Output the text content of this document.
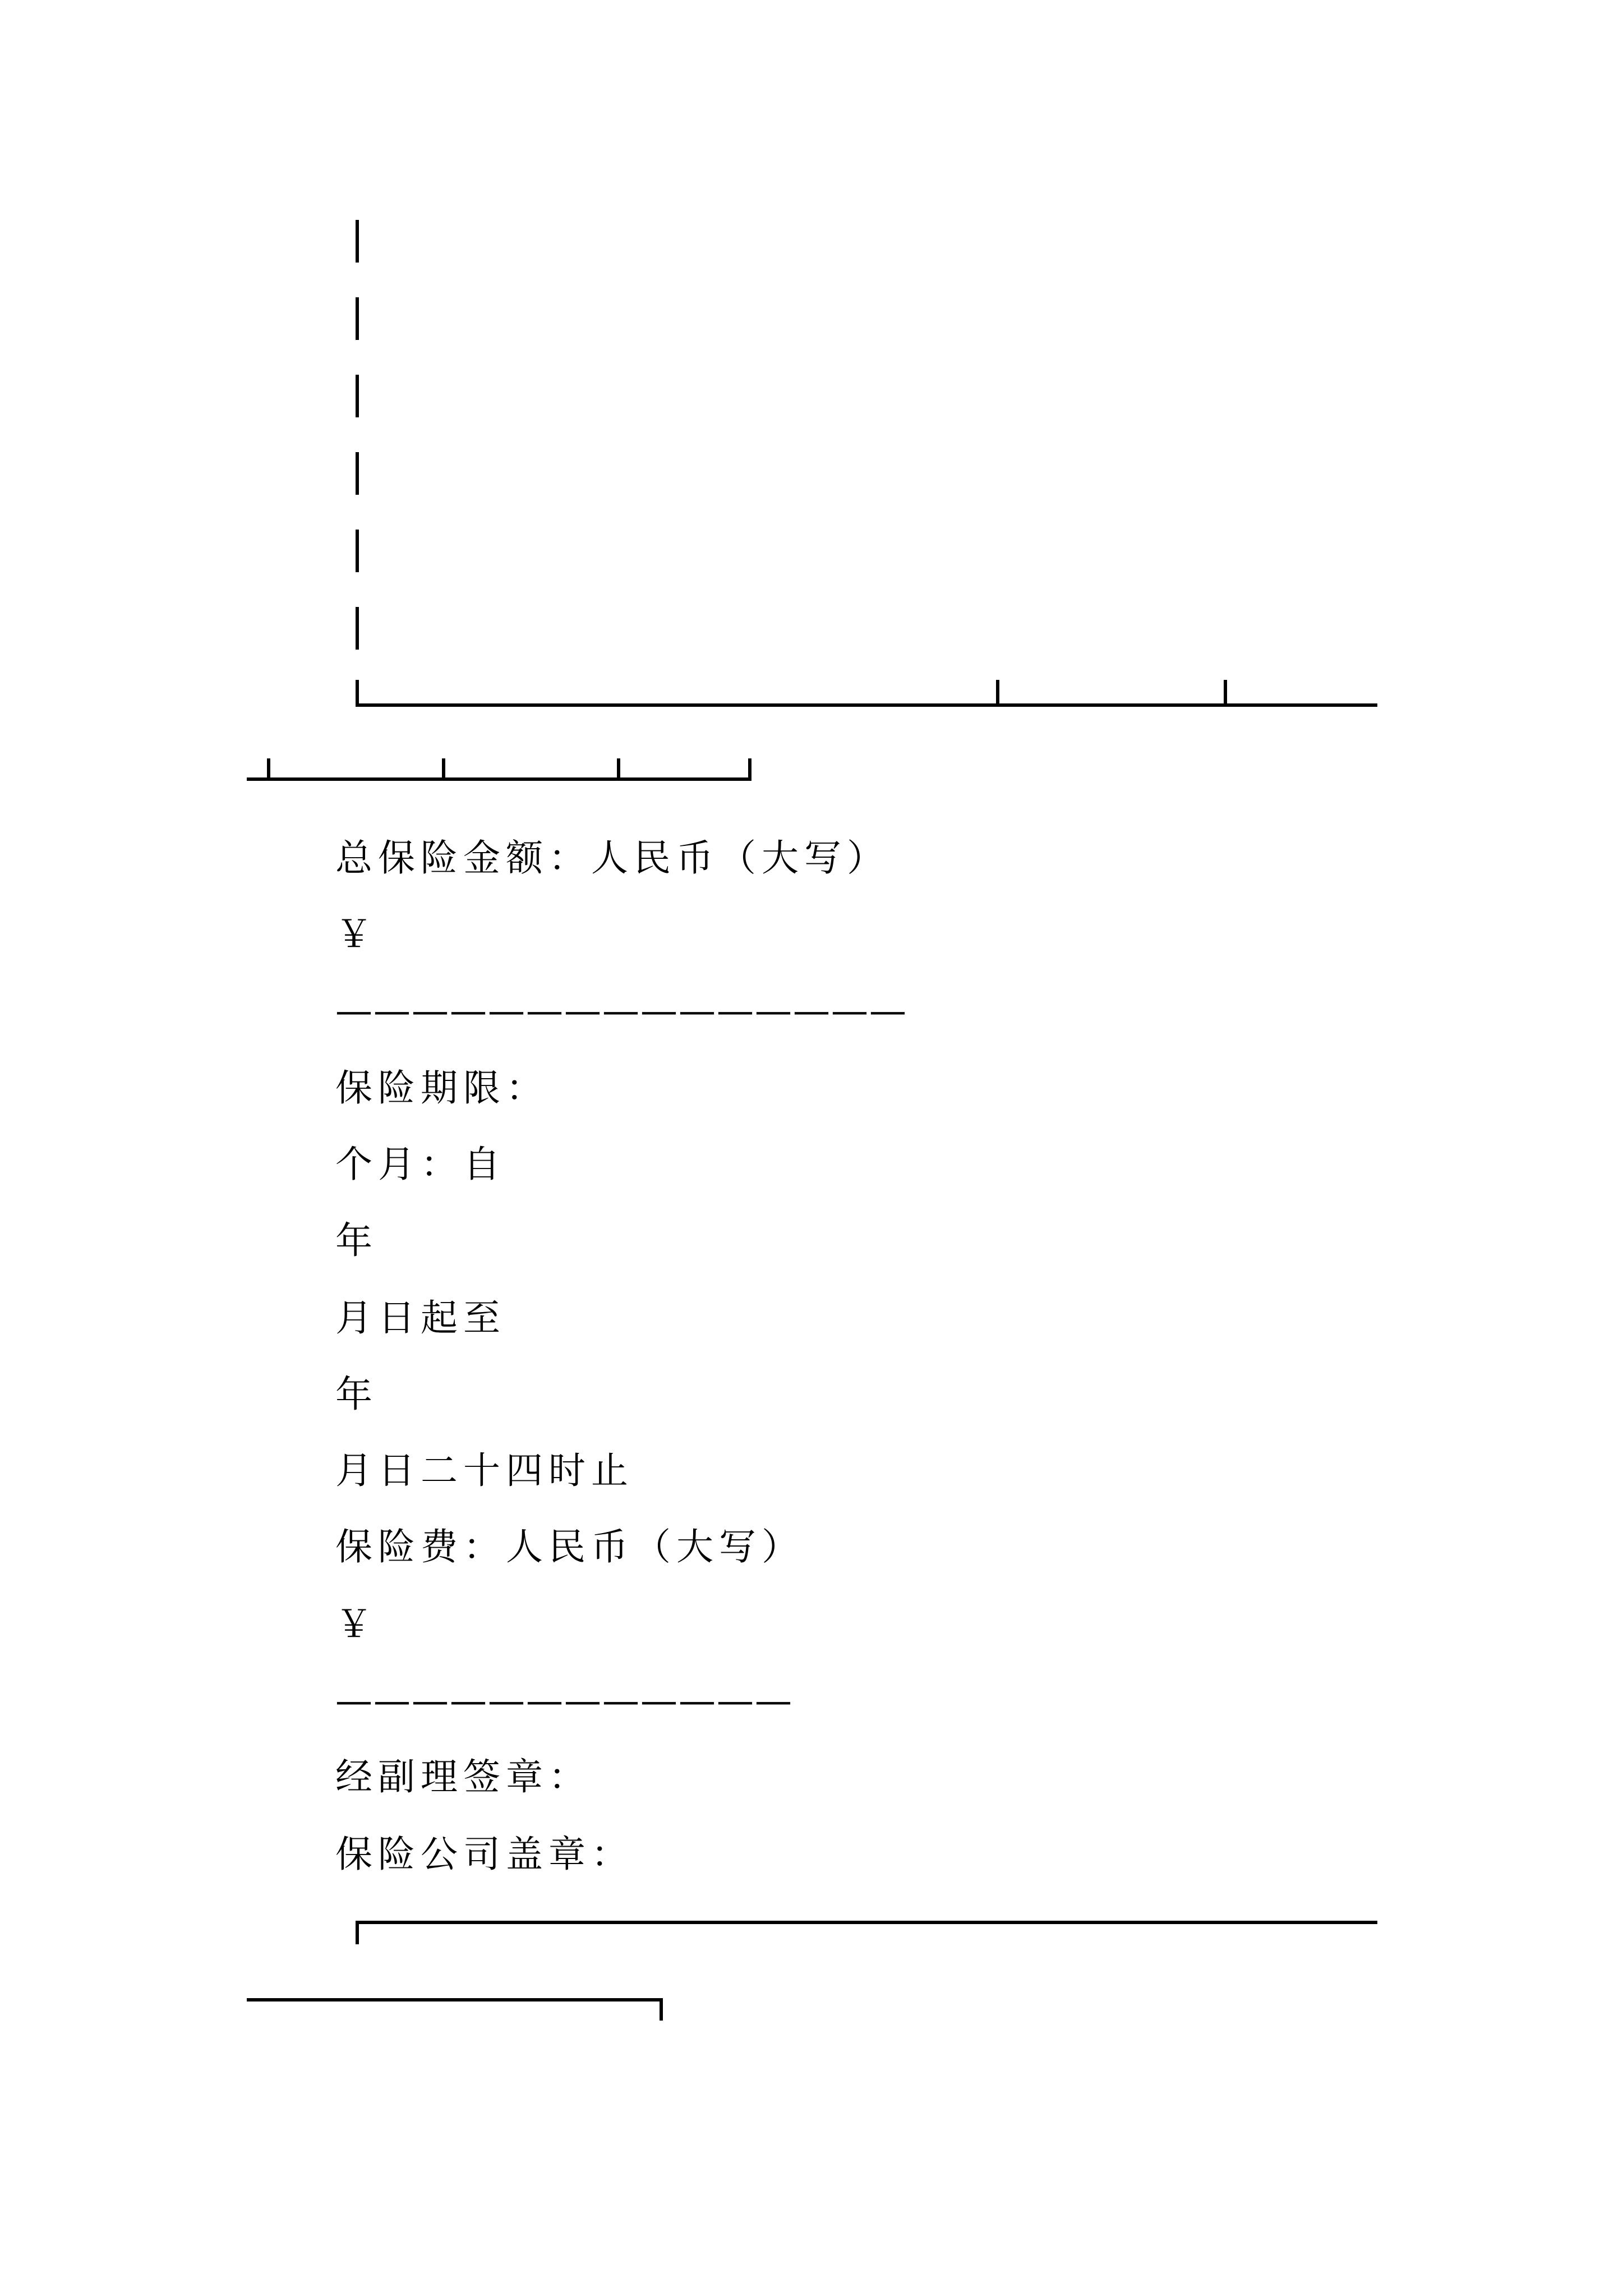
总保险金额：人民币（大写）
￥
———————————————
保险期限：
个月：自
年
月日起至
年
月日二十四时止
保险费：人民币（大写）
￥
————————————
经副理签章：
保险公司盖章：
